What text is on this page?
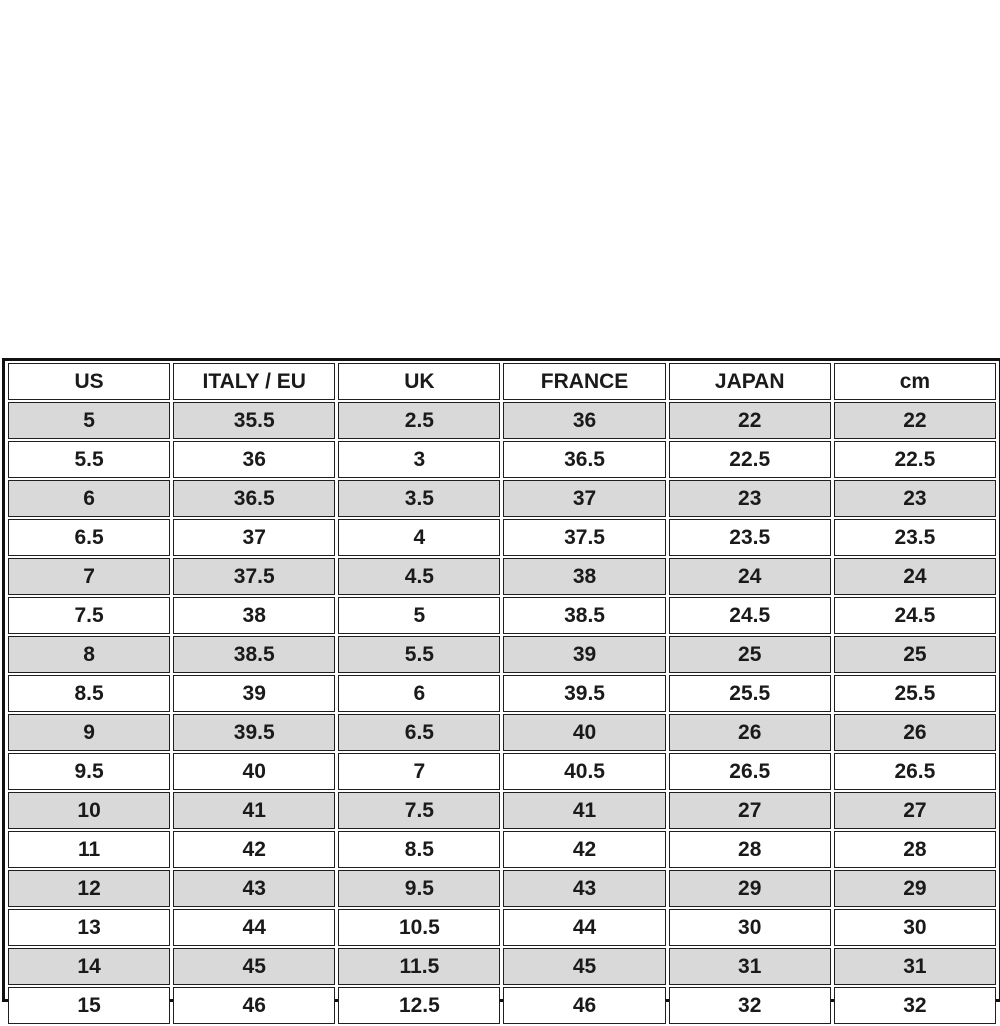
US	ITALY / EU	UK	FRANCE	JAPAN	cm
5	35.5	2.5	36	22	22
5.5	36	3	36.5	22.5	22.5
6	36.5	3.5	37	23	23
6.5	37	4	37.5	23.5	23.5
7	37.5	4.5	38	24	24
7.5	38	5	38.5	24.5	24.5
8	38.5	5.5	39	25	25
8.5	39	6	39.5	25.5	25.5
9	39.5	6.5	40	26	26
9.5	40	7	40.5	26.5	26.5
10	41	7.5	41	27	27
11	42	8.5	42	28	28
12	43	9.5	43	29	29
13	44	10.5	44	30	30
14	45	11.5	45	31	31
15	46	12.5	46	32	32
